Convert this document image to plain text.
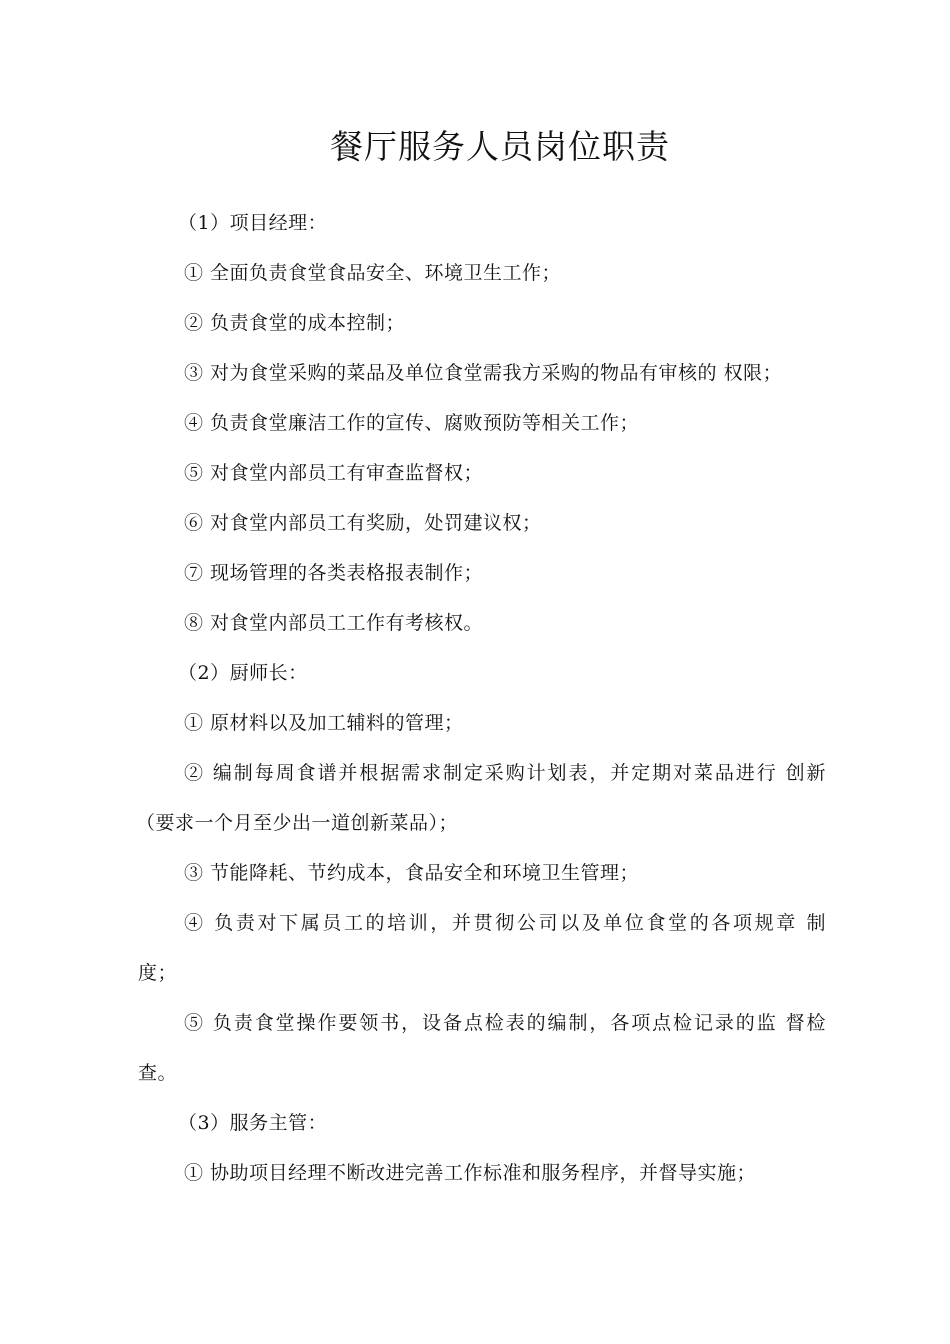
餐厅服务人员岗位职责
（1）项目经理：
① 全面负责食堂食品安全、环境卫生工作；
② 负责食堂的成本控制；
③ 对为食堂采购的菜品及单位食堂需我方采购的物品有审核的 权限；
④ 负责食堂廉洁工作的宣传、腐败预防等相关工作；
⑤ 对食堂内部员工有审查监督权；
⑥ 对食堂内部员工有奖励，处罚建议权；
⑦ 现场管理的各类表格报表制作；
⑧ 对食堂内部员工工作有考核权。
（2）厨师长：
① 原材料以及加工辅料的管理；
② 编制每周食谱并根据需求制定采购计划表，并定期对菜品进行 创新
（要求一个月至少出一道创新菜品）；
③ 节能降耗、节约成本，食品安全和环境卫生管理；
④ 负责对下属员工的培训，并贯彻公司以及单位食堂的各项规章 制
度；
⑤ 负责食堂操作要领书，设备点检表的编制，各项点检记录的监 督检
查。
（3）服务主管：
① 协助项目经理不断改进完善工作标准和服务程序，并督导实施；
